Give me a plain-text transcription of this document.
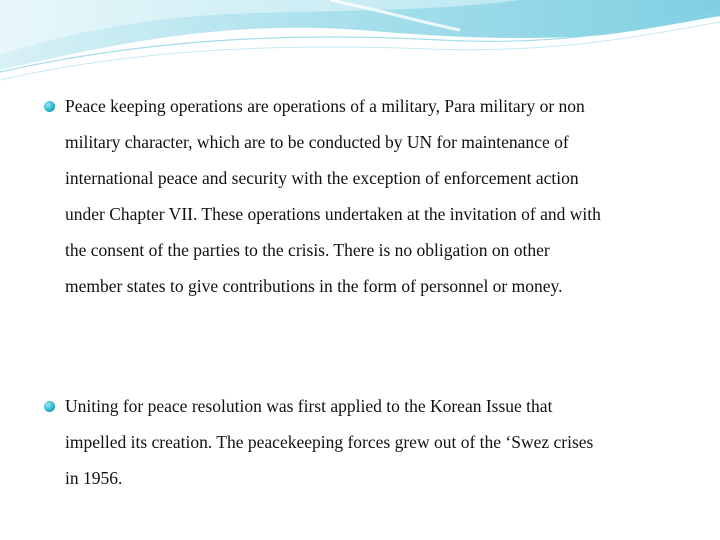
Peace keeping operations are operations of a military, Para military or non military character, which are to be conducted by UN for maintenance of international peace and security with the exception of enforcement action under Chapter VII. These operations undertaken at the invitation of and with the consent of the parties to the crisis. There is no obligation on other member states to give contributions in the form of personnel or money.

Uniting for peace resolution was first applied to the Korean Issue that impelled its creation. The peacekeeping forces grew out of the ‘Swez crises in 1956.
